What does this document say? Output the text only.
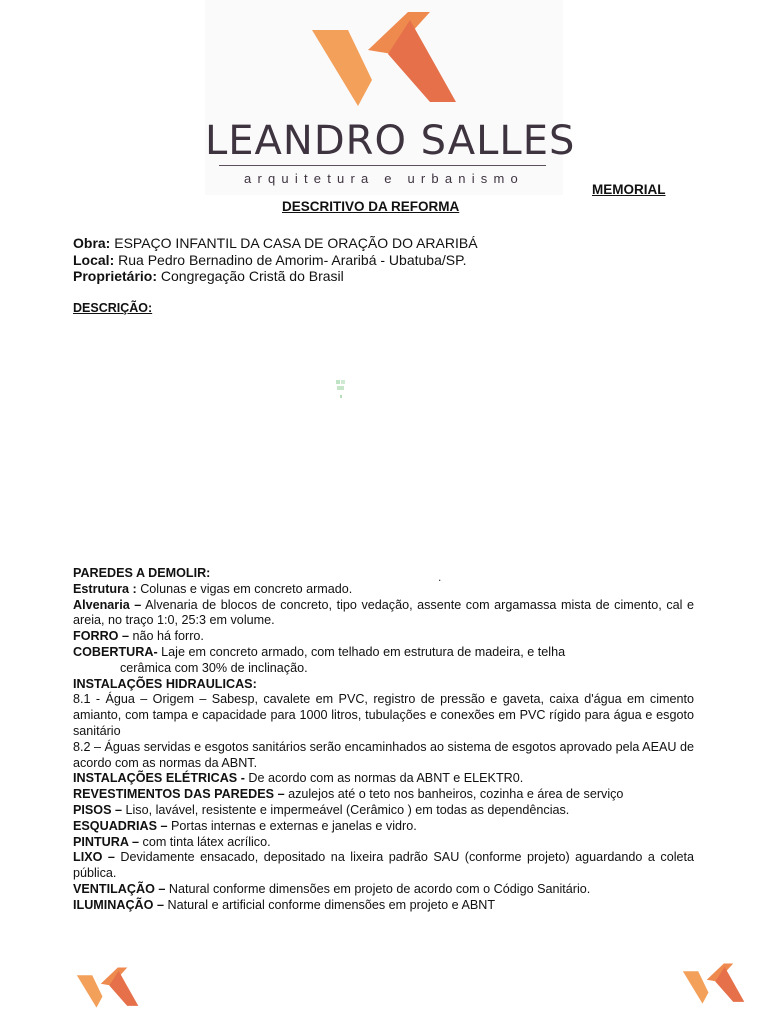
LEANDRO SALLES
arquitetura e urbanismo
MEMORIAL
DESCRITIVO DA REFORMA
Obra: ESPAÇO INFANTIL DA CASA DE ORAÇÃO DO ARARIBÁ
Local: Rua Pedro Bernadino de Amorim- Araribá - Ubatuba/SP.
Proprietário: Congregação Cristã do Brasil
DESCRIÇÃO:
.

PAREDES A DEMOLIR:

Estrutura : Colunas e vigas em concreto armado.

Alvenaria – Alvenaria de blocos de concreto, tipo vedação, assente com argamassa mista de cimento, cal e areia, no traço 1:0, 25:3 em volume.

FORRO – não há forro.

COBERTURA- Laje em concreto armado, com telhado em estrutura de madeira, e telha

cerâmica com 30% de inclinação.

INSTALAÇÕES HIDRAULICAS:

8.1 - Água – Origem – Sabesp, cavalete em PVC, registro de pressão e gaveta, caixa d'água em cimento amianto, com tampa e capacidade para 1000 litros, tubulações e conexões em PVC rígido para água e esgoto sanitário

8.2 – Águas servidas e esgotos sanitários serão encaminhados ao sistema de esgotos aprovado pela AEAU de acordo com as normas da ABNT.

INSTALAÇÕES ELÉTRICAS - De acordo com as normas da ABNT e ELEKTR0.

REVESTIMENTOS DAS PAREDES – azulejos até o teto nos banheiros, cozinha e área de serviço

PISOS – Liso, lavável, resistente e impermeável (Cerâmico ) em todas as dependências.

ESQUADRIAS – Portas internas e externas e janelas e vidro.

PINTURA – com tinta látex acrílico.

LIXO – Devidamente ensacado, depositado na lixeira padrão SAU (conforme projeto) aguardando a coleta pública.

VENTILAÇÃO – Natural conforme dimensões em projeto de acordo com o Código Sanitário.

ILUMINAÇÃO – Natural e artificial conforme dimensões em projeto e ABNT
